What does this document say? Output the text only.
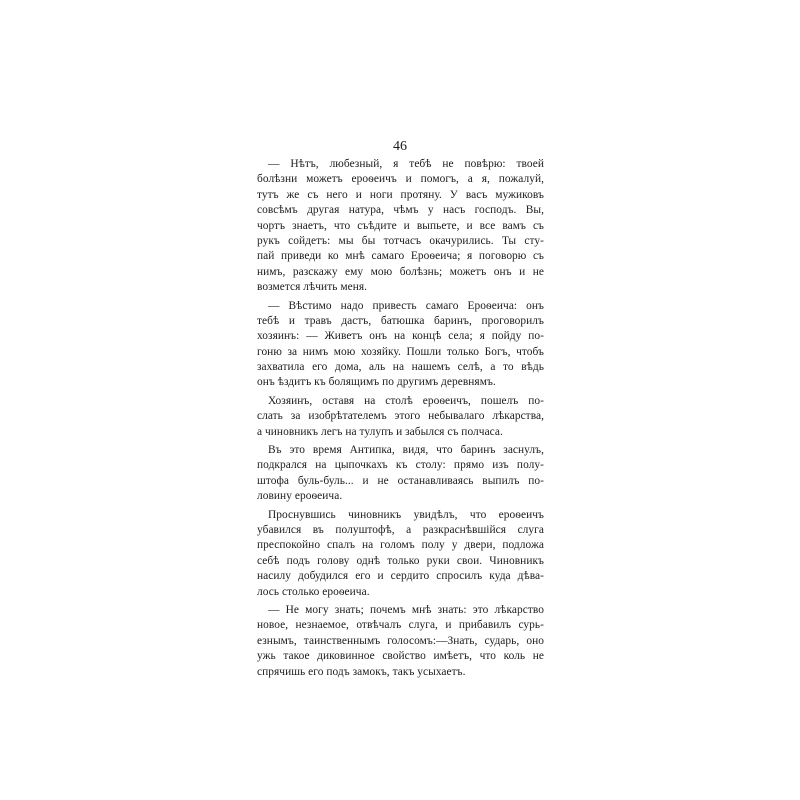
46
— Нѣтъ, любезный, я тебѣ не повѣрю: твоей
болѣзни можетъ ероѳеичъ и помогъ, а я, пожалуй,
тутъ же съ него и ноги протяну. У васъ мужиковъ
совсѣмъ другая натура, чѣмъ у насъ господъ. Вы,
чортъ знаетъ, что съѣдите и выпьете, и все вамъ съ
рукъ сойдетъ: мы бы тотчасъ окачурились. Ты сту-
пай приведи ко мнѣ самаго Ероѳеича; я поговорю съ
нимъ, разскажу ему мою болѣзнь; можетъ онъ и не
возмется лѣчить меня.
— Вѣстимо надо привесть самаго Ероѳеича: онъ
тебѣ и травъ дастъ, батюшка баринъ, проговорилъ
хозяинъ: — Живетъ онъ на концѣ села; я пойду по-
гоню за нимъ мою хозяйку. Пошли только Богъ, чтобъ
захватила его дома, аль на нашемъ селѣ, а то вѣдь
онъ ѣздитъ къ болящимъ по другимъ деревнямъ.
Хозяинъ, оставя на столѣ ероѳеичъ, пошелъ по-
слать за изобрѣтателемъ этого небывалаго лѣкарства,
а чиновникъ легъ на тулупъ и забылся съ полчаса.
Въ это время Антипка, видя, что баринъ заснулъ,
подкрался на цыпочкахъ къ столу: прямо изъ полу-
штофа буль-буль... и не останавливаясь выпилъ по-
ловину ероѳеича.
Проснувшись чиновникъ увидѣлъ, что ероѳеичъ
убавился въ полуштофѣ, а разкраснѣвшійся слуга
преспокойно спалъ на голомъ полу у двери, подложа
себѣ подъ голову однѣ только руки свои. Чиновникъ
насилу добудился его и сердито спросилъ куда дѣва-
лось столько ероѳеича.
— Не могу знать; почемъ мнѣ знать: это лѣкарство
новое, незнаемое, отвѣчалъ слуга, и прибавилъ сурь-
езнымъ, таинственнымъ голосомъ:—Знать, сударь, оно
ужь такое диковинное свойство имѣетъ, что коль не
спрячишь его подъ замокъ, такъ усыхаетъ.
